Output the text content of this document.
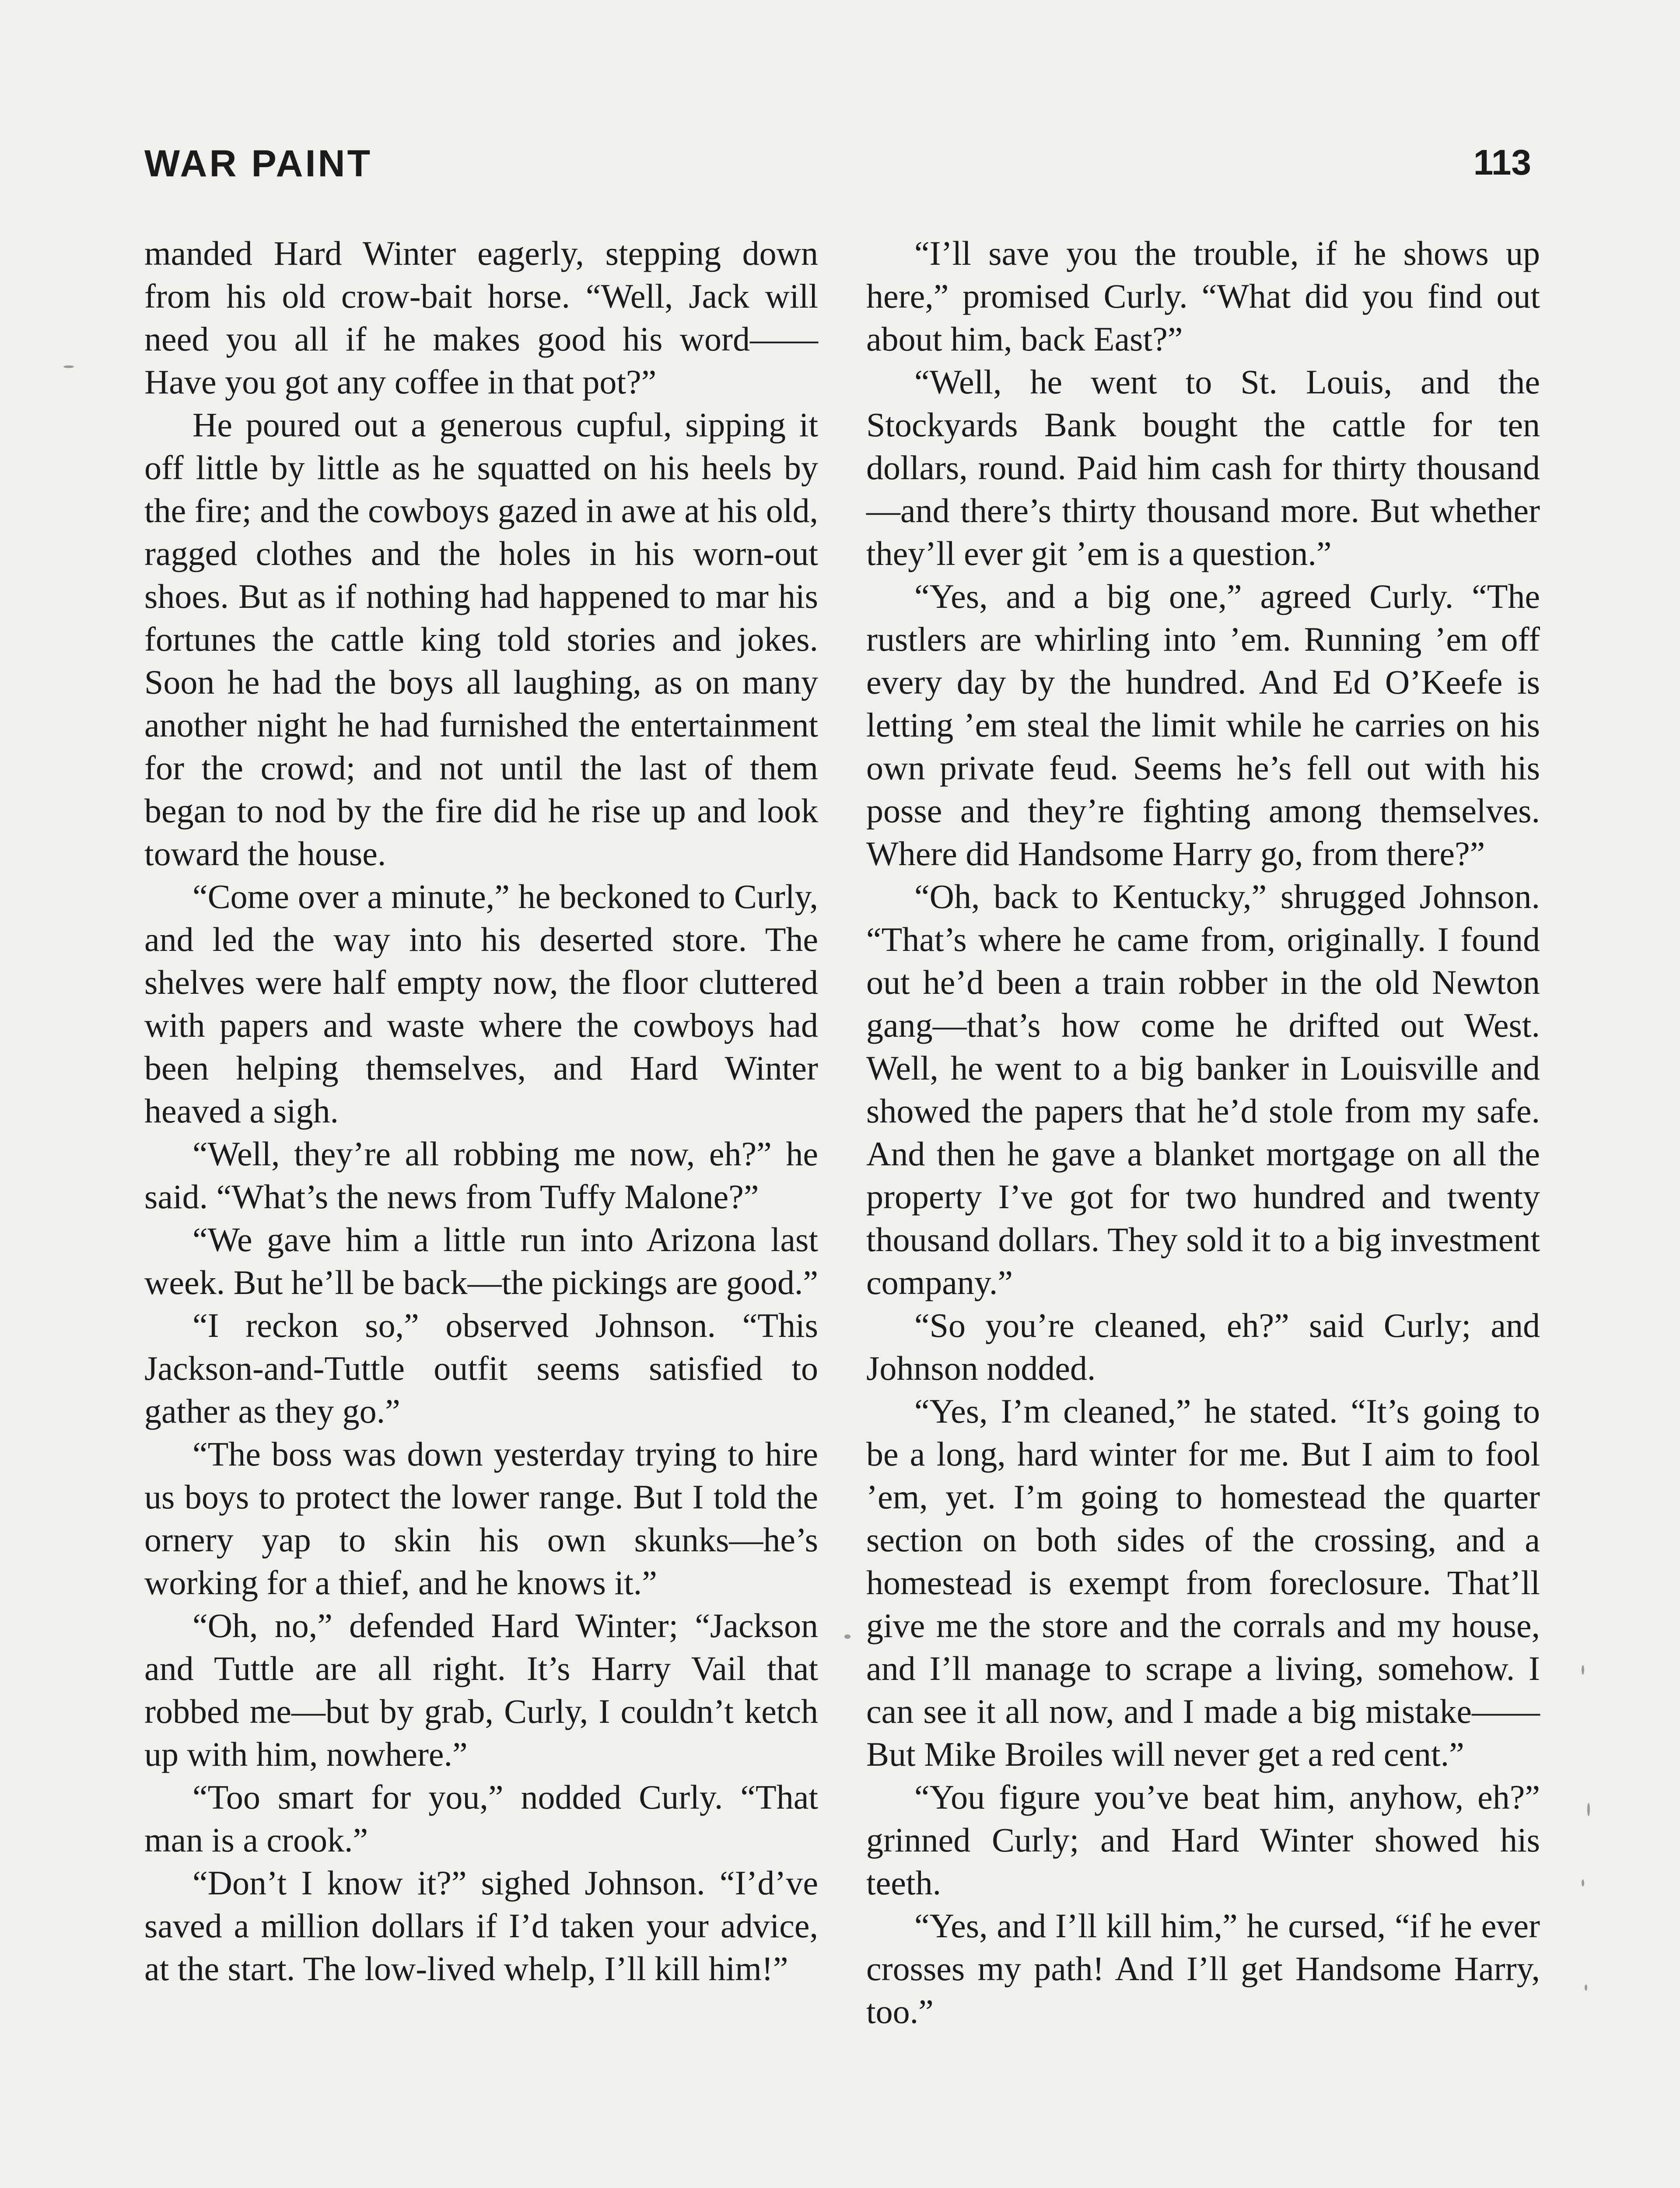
WAR PAINT	113

manded Hard Winter eagerly, stepping down from his old crow-bait horse. “Well, Jack will need you all if he makes good his word—— Have you got any coffee in that pot?”

He poured out a generous cupful, sipping it off little by little as he squatted on his heels by the fire; and the cowboys gazed in awe at his old, ragged clothes and the holes in his worn-out shoes. But as if nothing had happened to mar his fortunes the cattle king told stories and jokes. Soon he had the boys all laughing, as on many another night he had furnished the entertainment for the crowd; and not until the last of them began to nod by the fire did he rise up and look toward the house.

“Come over a minute,” he beckoned to Curly, and led the way into his deserted store. The shelves were half empty now, the floor cluttered with papers and waste where the cowboys had been helping themselves, and Hard Winter heaved a sigh.

“Well, they’re all robbing me now, eh?” he said. “What’s the news from Tuffy Malone?”

“We gave him a little run into Arizona last week. But he’ll be back—the pickings are good.”

“I reckon so,” observed Johnson. “This Jackson-and-Tuttle outfit seems satisfied to gather as they go.”

“The boss was down yesterday trying to hire us boys to protect the lower range. But I told the ornery yap to skin his own skunks—he’s working for a thief, and he knows it.”

“Oh, no,” defended Hard Winter; “Jackson and Tuttle are all right. It’s Harry Vail that robbed me—but by grab, Curly, I couldn’t ketch up with him, nowhere.”

“Too smart for you,” nodded Curly. “That man is a crook.”

“Don’t I know it?” sighed Johnson. “I’d’ve saved a million dollars if I’d taken your advice, at the start. The low-lived whelp, I’ll kill him!”

“I’ll save you the trouble, if he shows up here,” promised Curly. “What did you find out about him, back East?”

“Well, he went to St. Louis, and the Stockyards Bank bought the cattle for ten dollars, round. Paid him cash for thirty thousand—and there’s thirty thousand more. But whether they’ll ever git ’em is a question.”

“Yes, and a big one,” agreed Curly. “The rustlers are whirling into ’em. Running ’em off every day by the hundred. And Ed O’Keefe is letting ’em steal the limit while he carries on his own private feud. Seems he’s fell out with his posse and they’re fighting among themselves. Where did Handsome Harry go, from there?”

“Oh, back to Kentucky,” shrugged Johnson. “That’s where he came from, originally. I found out he’d been a train robber in the old Newton gang—that’s how come he drifted out West. Well, he went to a big banker in Louisville and showed the papers that he’d stole from my safe. And then he gave a blanket mortgage on all the property I’ve got for two hundred and twenty thousand dollars. They sold it to a big investment company.”

“So you’re cleaned, eh?” said Curly; and Johnson nodded.

“Yes, I’m cleaned,” he stated. “It’s going to be a long, hard winter for me. But I aim to fool ’em, yet. I’m going to homestead the quarter section on both sides of the crossing, and a homestead is exempt from foreclosure. That’ll give me the store and the corrals and my house, and I’ll manage to scrape a living, somehow. I can see it all now, and I made a big mistake—— But Mike Broiles will never get a red cent.”

“You figure you’ve beat him, anyhow, eh?” grinned Curly; and Hard Winter showed his teeth.

“Yes, and I’ll kill him,” he cursed, “if he ever crosses my path! And I’ll get Handsome Harry, too.”
